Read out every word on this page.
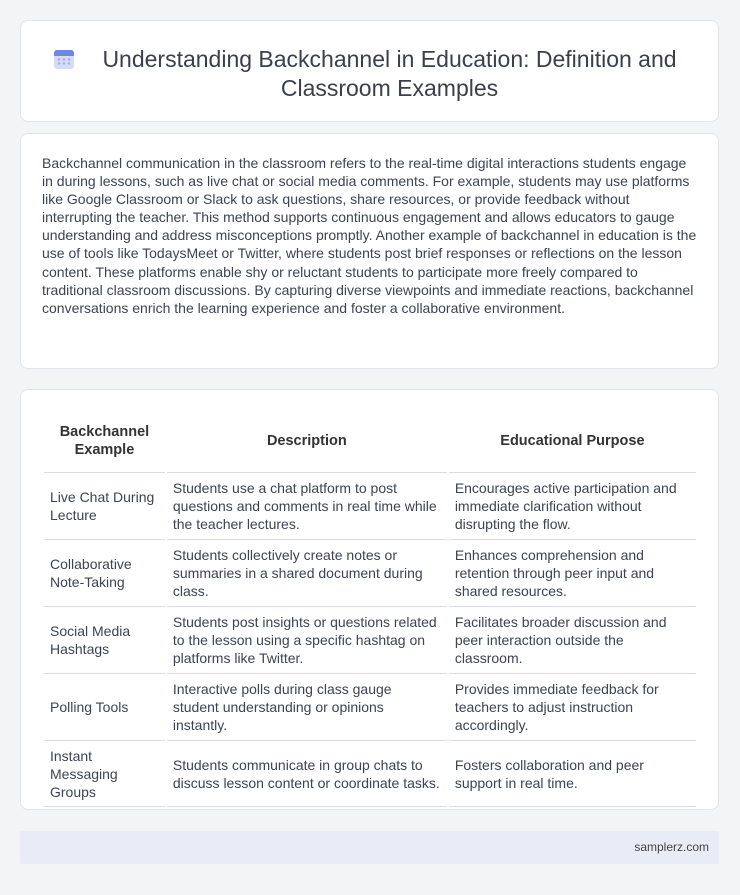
Understanding Backchannel in Education: Definition and Classroom Examples

Backchannel communication in the classroom refers to the real-time digital interactions students engage in during lessons, such as live chat or social media comments. For example, students may use platforms like Google Classroom or Slack to ask questions, share resources, or provide feedback without interrupting the teacher. This method supports continuous engagement and allows educators to gauge understanding and address misconceptions promptly. Another example of backchannel in education is the use of tools like TodaysMeet or Twitter, where students post brief responses or reflections on the lesson content. These platforms enable shy or reluctant students to participate more freely compared to traditional classroom discussions. By capturing diverse viewpoints and immediate reactions, backchannel conversations enrich the learning experience and foster a collaborative environment.

Backchannel Example	Description	Educational Purpose
Live Chat During Lecture	Students use a chat platform to post questions and comments in real time while the teacher lectures.	Encourages active participation and immediate clarification without disrupting the flow.
Collaborative Note-Taking	Students collectively create notes or summaries in a shared document during class.	Enhances comprehension and retention through peer input and shared resources.
Social Media Hashtags	Students post insights or questions related to the lesson using a specific hashtag on platforms like Twitter.	Facilitates broader discussion and peer interaction outside the classroom.
Polling Tools	Interactive polls during class gauge student understanding or opinions instantly.	Provides immediate feedback for teachers to adjust instruction accordingly.
Instant Messaging Groups	Students communicate in group chats to discuss lesson content or coordinate tasks.	Fosters collaboration and peer support in real time.
samplerz.com
